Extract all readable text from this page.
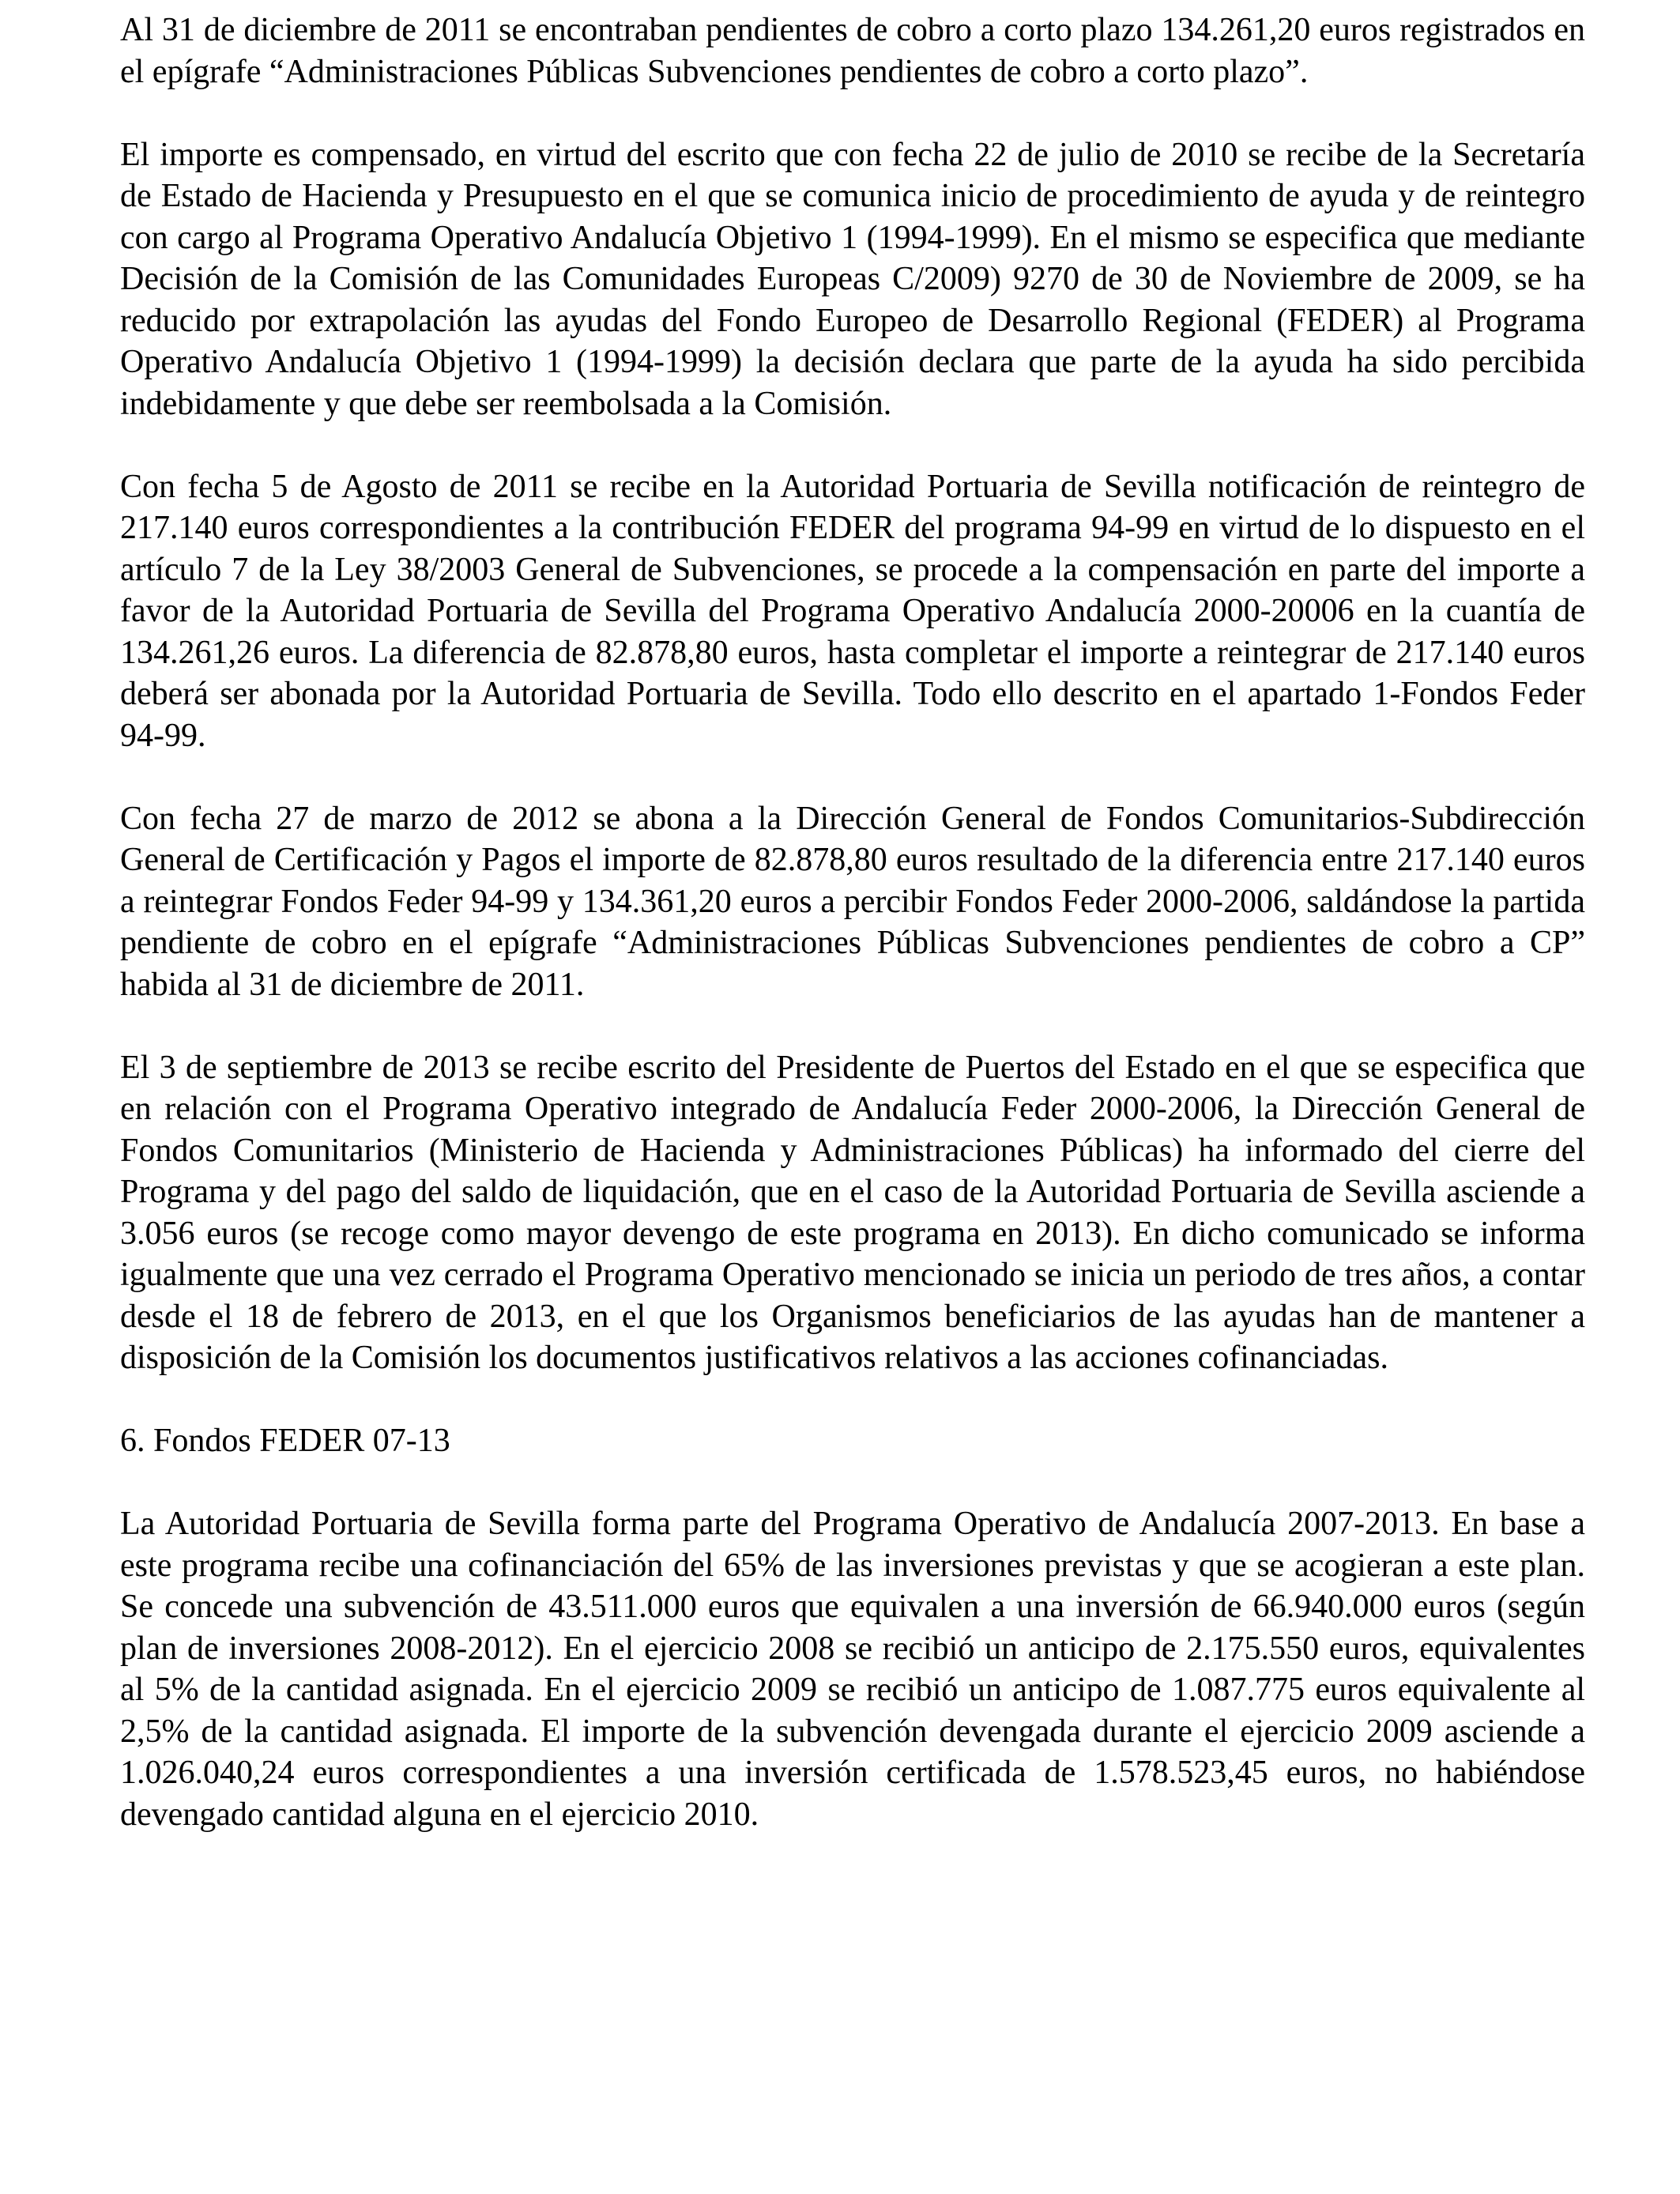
Al 31 de diciembre de 2011 se encontraban pendientes de cobro a corto plazo 134.261,20 euros registrados en el epígrafe “Administraciones Públicas Subvenciones pendientes de cobro a corto plazo”.

El importe es compensado, en virtud del escrito que con fecha 22 de julio de 2010 se recibe de la Secretaría de Estado de Hacienda y Presupuesto en el que se comunica inicio de procedimiento de ayuda y de reintegro con cargo al Programa Operativo Andalucía Objetivo 1 (1994-1999). En el mismo se especifica que mediante Decisión de la Comisión de las Comunidades Europeas C/2009) 9270 de 30 de Noviembre de 2009, se ha reducido por extrapolación las ayudas del Fondo Europeo de Desarrollo Regional (FEDER) al Programa Operativo Andalucía Objetivo 1 (1994-1999) la decisión declara que parte de la ayuda ha sido percibida indebidamente y que debe ser reembolsada a la Comisión.

Con fecha 5 de Agosto de 2011 se recibe en la Autoridad Portuaria de Sevilla notificación de reintegro de 217.140 euros correspondientes a la contribución FEDER del programa 94-99 en virtud de lo dispuesto en el artículo 7 de la Ley 38/2003 General de Subvenciones, se procede a la compensación en parte del importe a favor de la Autoridad Portuaria de Sevilla del Programa Operativo Andalucía 2000-20006 en la cuantía de 134.261,26 euros. La diferencia de 82.878,80 euros, hasta completar el importe a reintegrar de 217.140 euros deberá ser abonada por la Autoridad Portuaria de Sevilla. Todo ello descrito en el apartado 1-Fondos Feder 94-99.

Con fecha 27 de marzo de 2012 se abona a la Dirección General de Fondos Comunitarios-Subdirección General de Certificación y Pagos el importe de 82.878,80 euros resultado de la diferencia entre 217.140 euros a reintegrar Fondos Feder 94-99 y 134.361,20 euros a percibir Fondos Feder 2000-2006, saldándose la partida pendiente de cobro en el epígrafe “Administraciones Públicas Subvenciones pendientes de cobro a CP” habida al 31 de diciembre de 2011.

El 3 de septiembre de 2013 se recibe escrito del Presidente de Puertos del Estado en el que se especifica que en relación con el Programa Operativo integrado de Andalucía Feder 2000-2006, la Dirección General de Fondos Comunitarios (Ministerio de Hacienda y Administraciones Públicas) ha informado del cierre del Programa y del pago del saldo de liquidación, que en el caso de la Autoridad Portuaria de Sevilla asciende a 3.056 euros (se recoge como mayor devengo de este programa en 2013). En dicho comunicado se informa igualmente que una vez cerrado el Programa Operativo mencionado se inicia un periodo de tres años, a contar desde el 18 de febrero de 2013, en el que los Organismos beneficiarios de las ayudas han de mantener a disposición de la Comisión los documentos justificativos relativos a las acciones cofinanciadas.

6. Fondos FEDER 07-13

La Autoridad Portuaria de Sevilla forma parte del Programa Operativo de Andalucía 2007-2013. En base a este programa recibe una cofinanciación del 65% de las inversiones previstas y que se acogieran a este plan. Se concede una subvención de 43.511.000 euros que equivalen a una inversión de 66.940.000 euros (según plan de inversiones 2008-2012). En el ejercicio 2008 se recibió un anticipo de 2.175.550 euros, equivalentes al 5% de la cantidad asignada. En el ejercicio 2009 se recibió un anticipo de 1.087.775 euros equivalente al 2,5% de la cantidad asignada. El importe de la subvención devengada durante el ejercicio 2009 asciende a 1.026.040,24 euros correspondientes a una inversión certificada de 1.578.523,45 euros, no habiéndose devengado cantidad alguna en el ejercicio 2010.
